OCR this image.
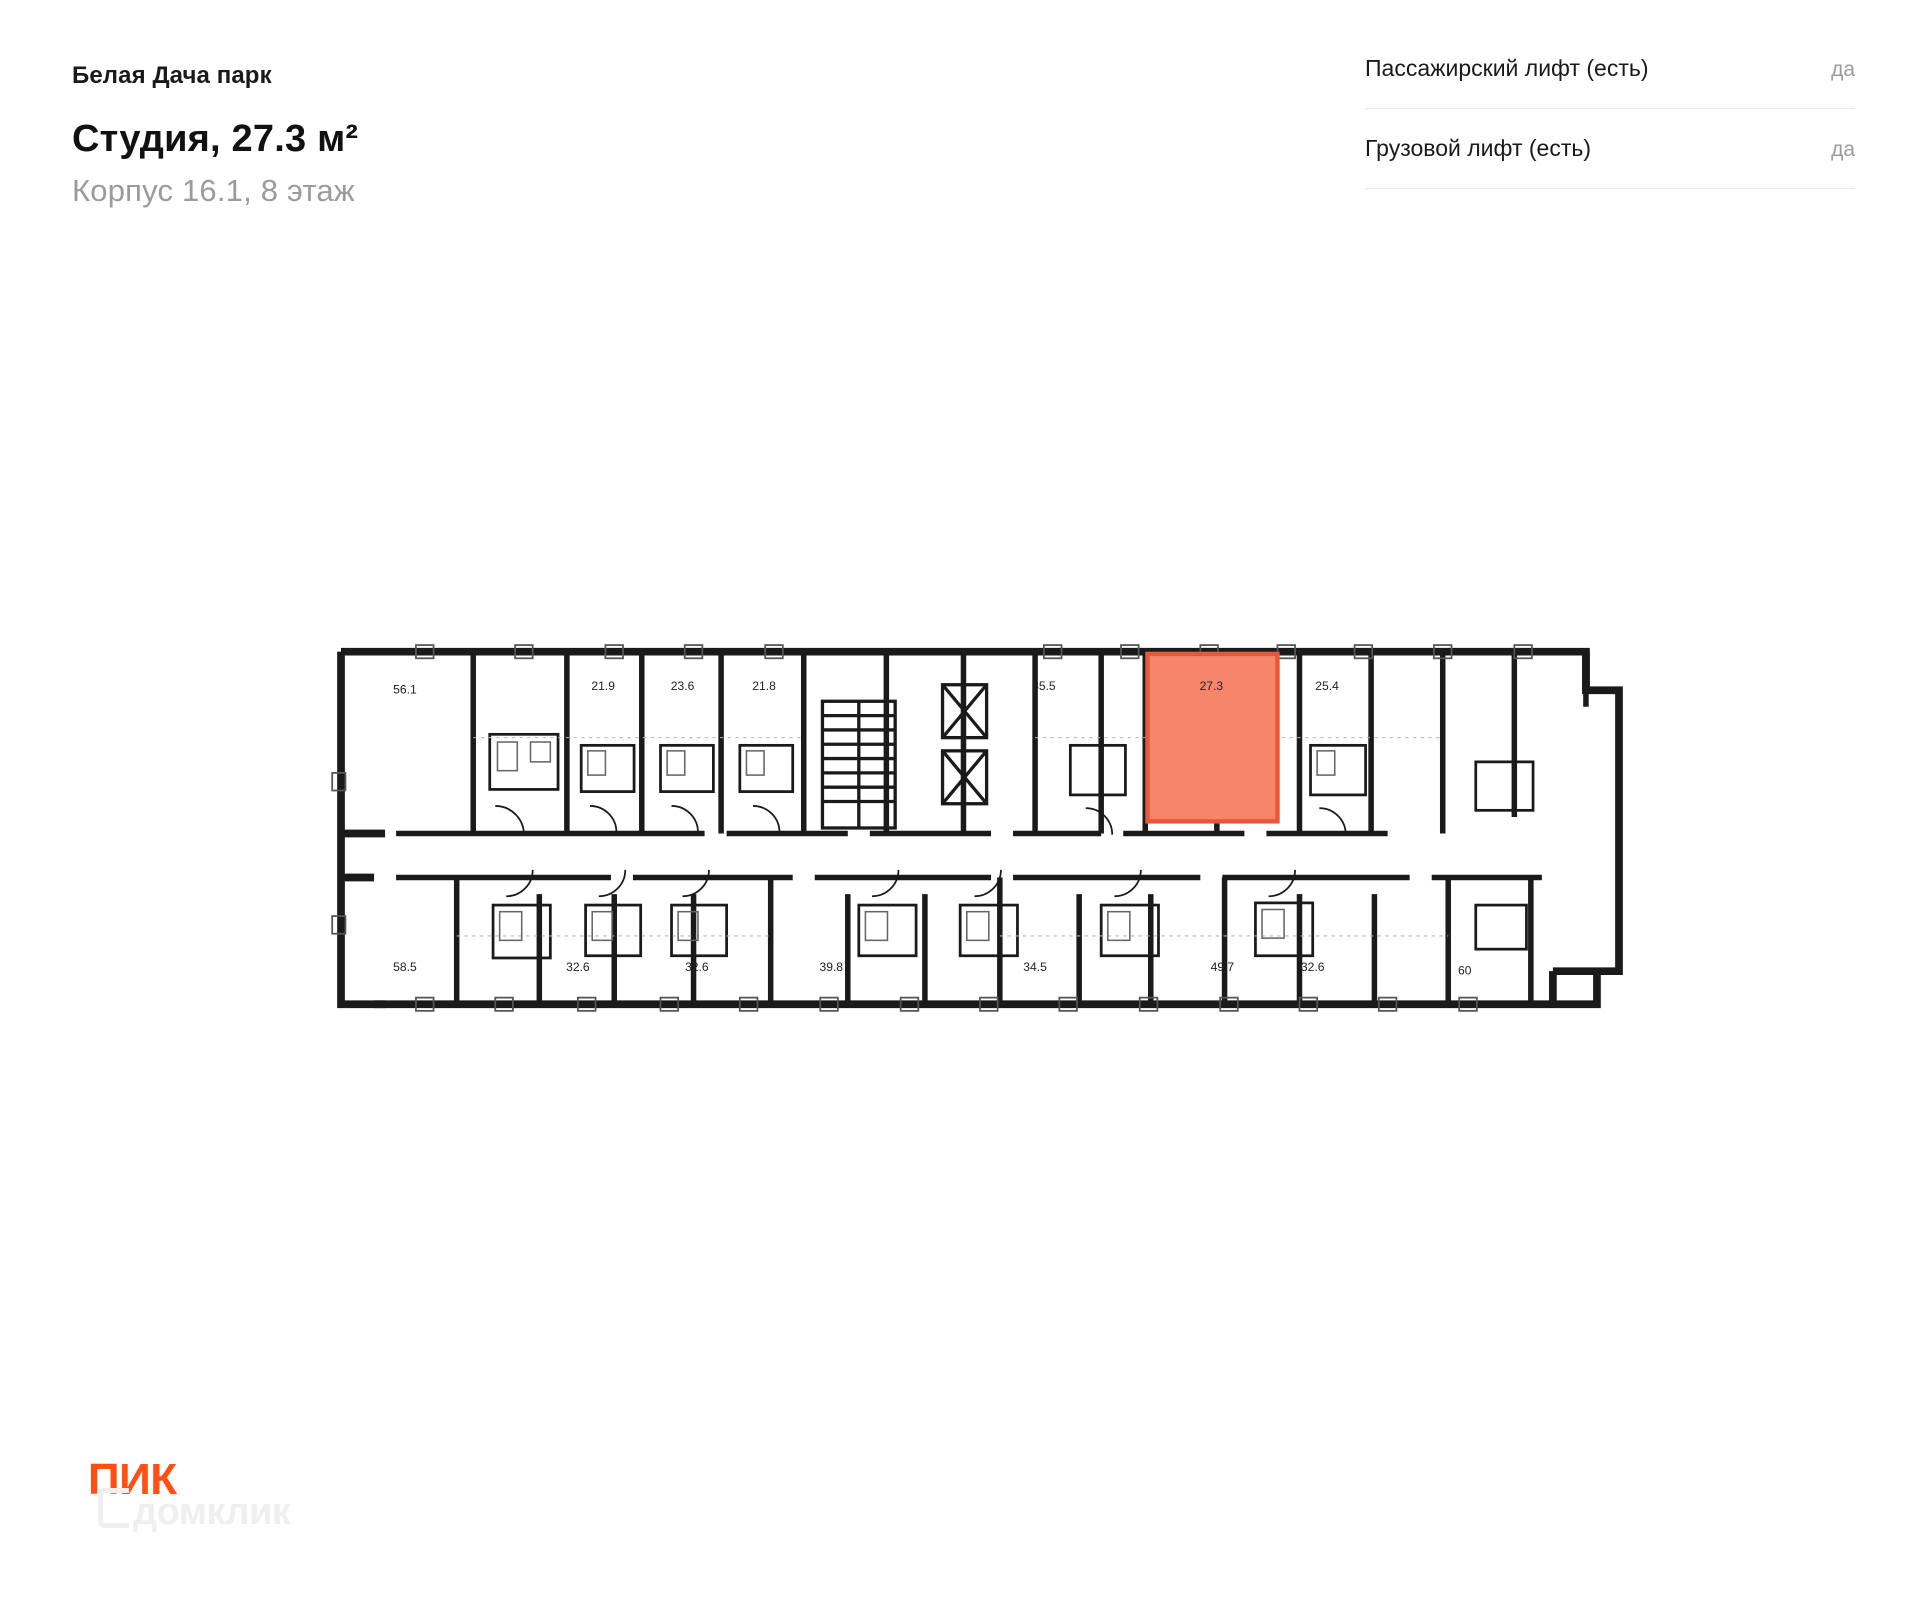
Белая Дача парк
Студия, 27.3 м²
Корпус 16.1, 8 этаж
Пассажирский лифт (есть)	да
Грузовой лифт (есть)	да
56.1	21.9	23.6	21.8	35.5	27.3	25.4
58.5	32.6	32.6	39.8	34.5	49.7	32.6	60
ПИК
домклик
